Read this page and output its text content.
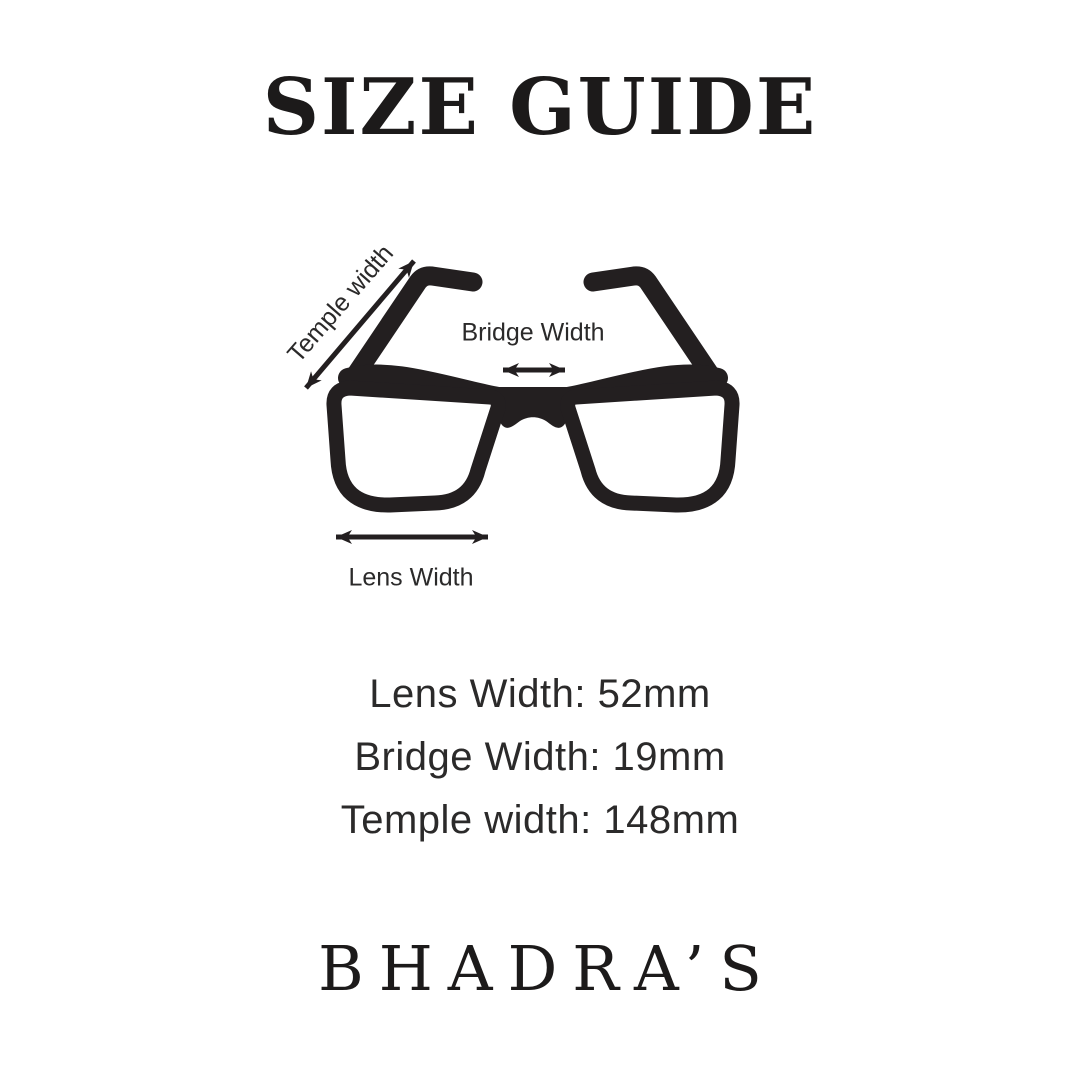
SIZE GUIDE
Temple width Bridge Width
Lens Width
Lens Width: 52mm
Bridge Width: 19mm
Temple width: 148mm
BHADRA’S
